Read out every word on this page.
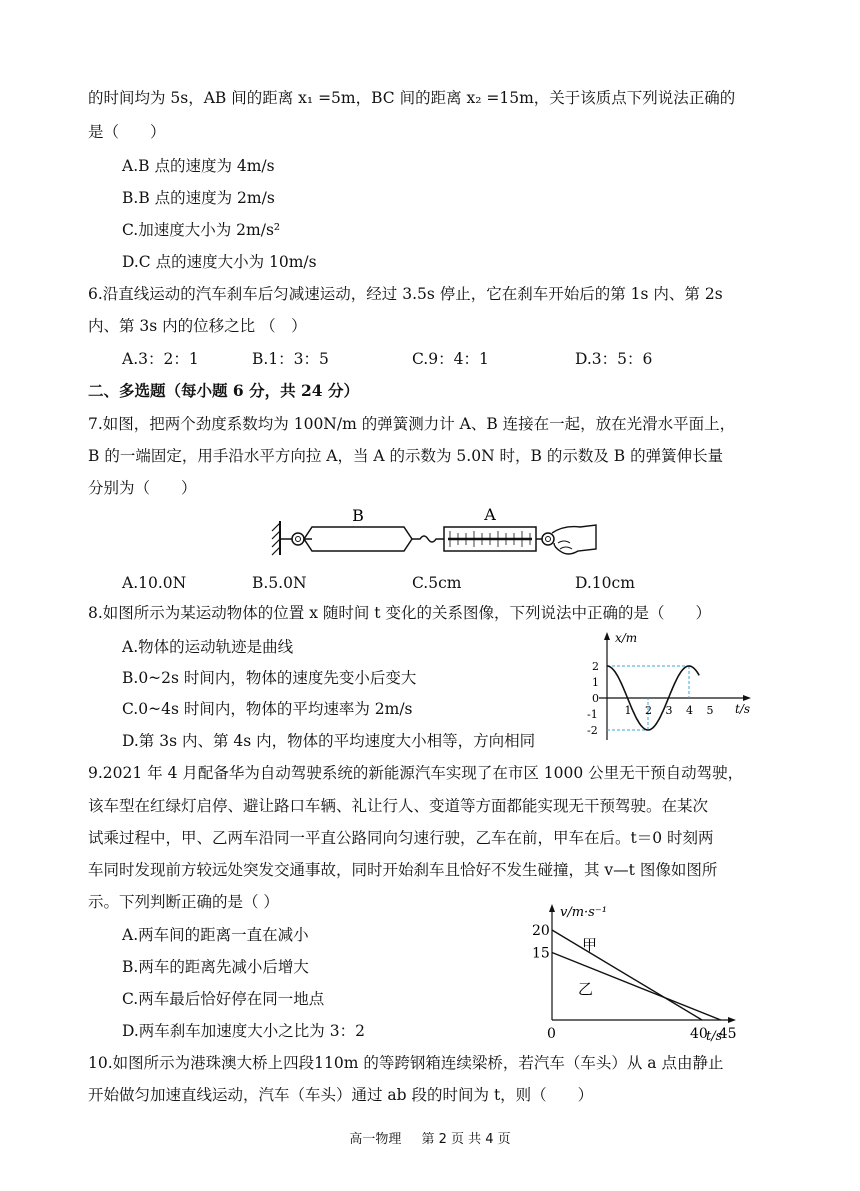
的时间均为 5s，AB 间的距离 x₁ =5m，BC 间的距离 x₂ =15m，关于该质点下列说法正确的
是（　　）
A.B 点的速度为 4m/s
B.B 点的速度为 2m/s
C.加速度大小为 2m/s²
D.C 点的速度大小为 10m/s
6.沿直线运动的汽车刹车后匀减速运动，经过 3.5s 停止，它在刹车开始后的第 1s 内、第 2s
内、第 3s 内的位移之比 （　）
A.3：2：1	B.1：3：5	C.9：4：1	D.3：5：6
二、多选题（每小题 6 分，共 24 分）
7.如图，把两个劲度系数均为 100N/m 的弹簧测力计 A、B 连接在一起，放在光滑水平面上，
B 的一端固定，用手沿水平方向拉 A，当 A 的示数为 5.0N 时，B 的示数及 B 的弹簧伸长量
分别为（　　）
B	A
A.10.0N	B.5.0N	C.5cm	D.10cm
8.如图所示为某运动物体的位置 x 随时间 t 变化的关系图像，下列说法中正确的是（　　）
A.物体的运动轨迹是曲线
B.0~2s 时间内，物体的速度先变小后变大
C.0~4s 时间内，物体的平均速率为 2m/s
D.第 3s 内、第 4s 内，物体的平均速度大小相等，方向相同
1 2 3 4 5
2
1
0
-1
-2
x/m
t/s
9.2021 年 4 月配备华为自动驾驶系统的新能源汽车实现了在市区 1000 公里无干预自动驾驶，
该车型在红绿灯启停、避让路口车辆、礼让行人、变道等方面都能实现无干预驾驶。在某次
试乘过程中，甲、乙两车沿同一平直公路同向匀速行驶，乙车在前，甲车在后。t＝0 时刻两
车同时发现前方较远处突发交通事故，同时开始刹车且恰好不发生碰撞，其 v—t 图像如图所
示。下列判断正确的是（ ）
A.两车间的距离一直在减小
B.两车的距离先减小后增大
C.两车最后恰好停在同一地点
D.两车刹车加速度大小之比为 3：2
20
15
0	40 45
甲
乙
v/m·s⁻¹
t/s
10.如图所示为港珠澳大桥上四段110m 的等跨钢箱连续梁桥，若汽车（车头）从 a 点由静止
开始做匀加速直线运动，汽车（车头）通过 ab 段的时间为 t，则（　　）
高一物理 第 2 页 共 4 页
